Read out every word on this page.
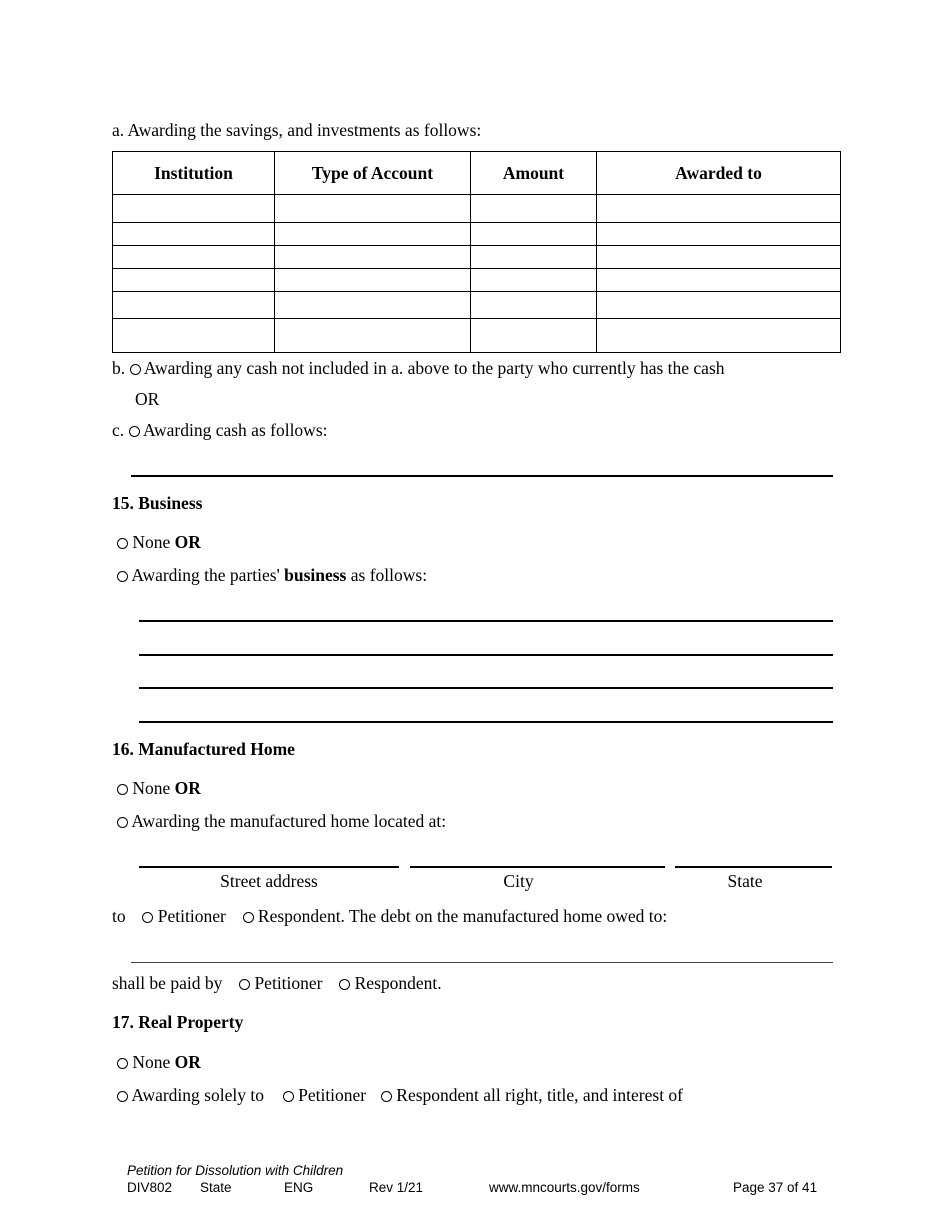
a. Awarding the savings, and investments as follows:
Institution	Type of Account	Amount	Awarded to

b. Awarding any cash not included in a. above to the party who currently has the cash
OR
c. Awarding cash as follows:
15. Business
None OR
Awarding the parties' business as follows:
16. Manufactured Home
None OR
Awarding the manufactured home located at:
Street address	City	State
to Petitioner Respondent. The debt on the manufactured home owed to:
shall be paid by Petitioner Respondent.
17. Real Property
None OR
Awarding solely to Petitioner Respondent all right, title, and interest of
Petition for Dissolution with Children
DIV802 State	ENG	Rev 1/21	www.mncourts.gov/forms	Page 37 of 41
